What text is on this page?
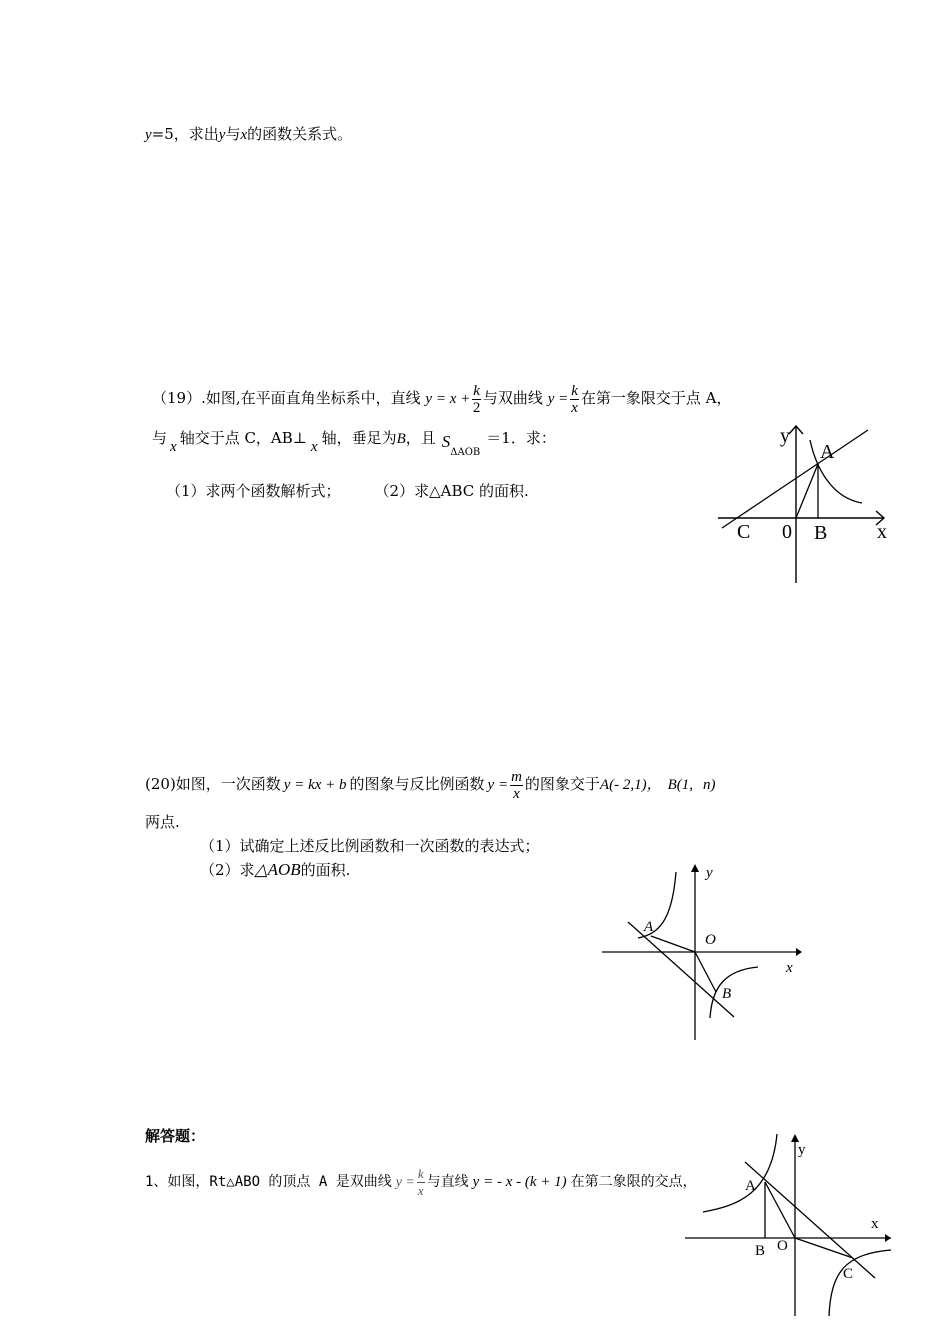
y=5，求出y与x的函数关系式。
（19）.如图,在平面直角坐标系中，直线 $y = x + \frac{k}{2}$ 与双曲线 $y = \frac{k}{x}$ 在第一象限交于点 A，
与 x 轴交于点 C，AB⊥ x 轴，垂足为B，且 $S_{\Delta AOB}=1$．求：
（1）求两个函数解析式； （2）求△ABC 的面积.
y
x
A
B
C 0
(20)如图，一次函数 y = kx + b 的图象与反比例函数 $y = \frac{m}{x}$ 的图象交于A(- 2,1)， B(1, n)
两点.
（1）试确定上述反比例函数和一次函数的表达式；
（2）求△AOB的面积.	y
x
A
B
O
解答题：
1、如图，Rt△ABO 的顶点 A 是双曲线 $y = \frac{k}{x}$ 与直线 y = - x - (k + 1) 在第二象限的交点，
y
x
A
B O
C
